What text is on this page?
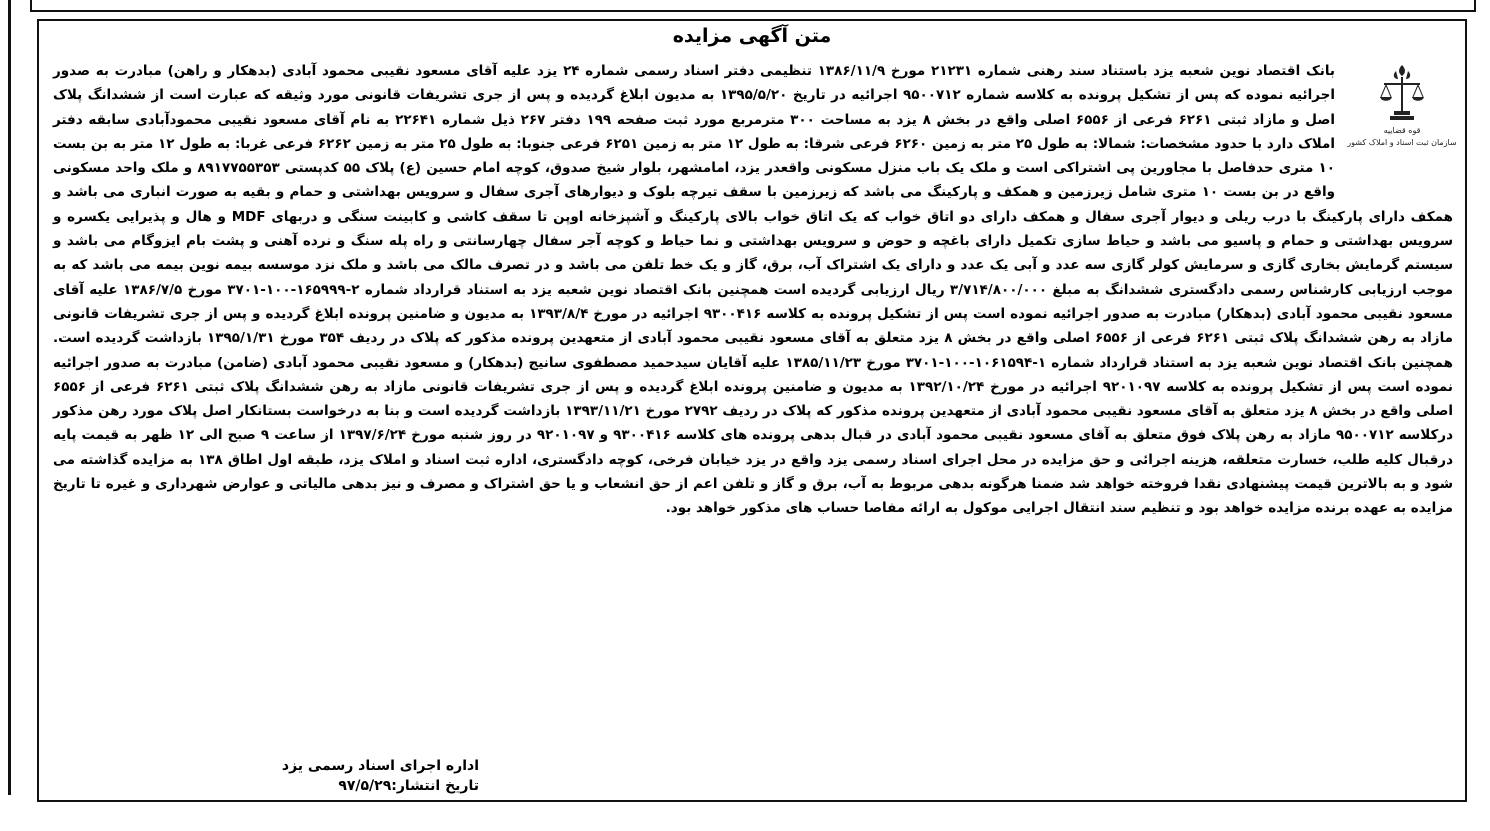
متن آگهی مزایده
قوه قضاییه
سازمان ثبت اسناد و املاک کشور
بانک اقتصاد نوین شعبه یزد باستناد سند رهنی شماره ۲۱۲۳۱ مورخ ۱۳۸۶/۱۱/۹ تنظیمی دفتر اسناد رسمی شماره ۲۴ یزد علیه آقای مسعود نقیبی محمود آبادی (بدهکار و راهن) مبادرت به صدور اجرائیه نموده که پس از تشکیل پرونده به کلاسه شماره ۹۵۰۰۷۱۲ اجرائیه در تاریخ ۱۳۹۵/۵/۲۰ به مدیون ابلاغ گردیده و پس از جری تشریفات قانونی مورد وثیقه که عبارت است از ششدانگ پلاک اصل و مازاد ثبتی ۶۲۶۱ فرعی از ۶۵۵۶ اصلی واقع در بخش ۸ یزد به مساحت ۳۰۰ مترمربع مورد ثبت صفحه ۱۹۹ دفتر ۲۶۷ ذیل شماره ۲۲۶۴۱ به نام آقای مسعود نقیبی محمودآبادی سابقه دفتر املاک دارد با حدود مشخصات: شمالا: به طول ۲۵ متر به زمین ۶۲۶۰ فرعی شرقا: به طول ۱۲ متر به زمین ۶۲۵۱ فرعی جنوبا: به طول ۲۵ متر به زمین ۶۲۶۲ فرعی غربا: به طول ۱۲ متر به بن بست ۱۰ متری حدفاصل با مجاورین پی اشتراکی است و ملک یک باب منزل مسکونی واقعدر یزد، امامشهر، بلوار شیخ صدوق، کوچه امام حسین (ع) پلاک ۵۵ کدپستی ۸۹۱۷۷۵۵۳۵۳ و ملک واحد مسکونی واقع در بن بست ۱۰ متری شامل زیرزمین و همکف و پارکینگ می باشد که زیرزمین با سقف تیرچه بلوک و دیوارهای آجری سفال و سرویس بهداشتی و حمام و بقیه به صورت انباری می باشد و همکف دارای پارکینگ با درب ریلی و دیوار آجری سفال و همکف دارای دو اتاق خواب که یک اتاق خواب بالای پارکینگ و آشپزخانه اوپن تا سقف کاشی و کابینت سنگی و دربهای MDF و هال و پذیرایی یکسره و سرویس بهداشتی و حمام و پاسیو می باشد و حیاط سازی تکمیل دارای باغچه و حوض و سرویس بهداشتی و نما حیاط و کوچه آجر سفال چهارسانتی و راه پله سنگ و نرده آهنی و پشت بام ایزوگام می باشد و سیستم گرمایش بخاری گازی و سرمایش کولر گازی سه عدد و آبی یک عدد و دارای یک اشتراک آب، برق، گاز و یک خط تلفن می باشد و در تصرف مالک می باشد و ملک نزد موسسه بیمه نوین بیمه می باشد که به موجب ارزیابی کارشناس رسمی دادگستری ششدانگ به مبلغ ۳/۷۱۴/۸۰۰/۰۰۰ ریال ارزیابی گردیده است همچنین بانک اقتصاد نوین شعبه یزد به استناد قرارداد شماره ۲-۱۶۵۹۹۹-۱۰۰-۳۷۰۱ مورخ ۱۳۸۶/۷/۵ علیه آقای مسعود نقیبی محمود آبادی (بدهکار) مبادرت به صدور اجرائیه نموده است پس از تشکیل پرونده به کلاسه ۹۳۰۰۴۱۶ اجرائیه در مورخ ۱۳۹۳/۸/۴ به مدیون و ضامنین پرونده ابلاغ گردیده و پس از جری تشریفات قانونی مازاد به رهن ششدانگ پلاک ثبتی ۶۲۶۱ فرعی از ۶۵۵۶ اصلی واقع در بخش ۸ یزد متعلق به آقای مسعود نقیبی محمود آبادی از متعهدین پرونده مذکور که پلاک در ردیف ۳۵۴ مورخ ۱۳۹۵/۱/۳۱ بازداشت گردیده است. همچنین بانک اقتصاد نوین شعبه یزد به استناد قرارداد شماره ۱-۱۰۶۱۵۹۴-۱۰۰-۳۷۰۱ مورخ ۱۳۸۵/۱۱/۲۳ علیه آقایان سیدحمید مصطفوی سانیج (بدهکار) و مسعود نقیبی محمود آبادی (ضامن) مبادرت به صدور اجرائیه نموده است پس از تشکیل پرونده به کلاسه ۹۲۰۱۰۹۷ اجرائیه در مورخ ۱۳۹۲/۱۰/۲۴ به مدیون و ضامنین پرونده ابلاغ گردیده و پس از جری تشریفات قانونی مازاد به رهن ششدانگ پلاک ثبتی ۶۲۶۱ فرعی از ۶۵۵۶ اصلی واقع در بخش ۸ یزد متعلق به آقای مسعود نقیبی محمود آبادی از متعهدین پرونده مذکور که پلاک در ردیف ۲۷۹۲ مورخ ۱۳۹۳/۱۱/۲۱ بازداشت گردیده است و بنا به درخواست بستانکار اصل پلاک مورد رهن مذکور درکلاسه ۹۵۰۰۷۱۲ مازاد به رهن پلاک فوق متعلق به آقای مسعود نقیبی محمود آبادی در قبال بدهی پرونده های کلاسه ۹۳۰۰۴۱۶ و ۹۲۰۱۰۹۷ در روز شنبه مورخ ۱۳۹۷/۶/۲۴ از ساعت ۹ صبح الی ۱۲ ظهر به قیمت پایه درقبال کلیه طلب، خسارت متعلقه، هزینه اجرائی و حق مزایده در محل اجرای اسناد رسمی یزد واقع در یزد خیابان فرخی، کوچه دادگستری، اداره ثبت اسناد و املاک یزد، طبقه اول اطاق ۱۳۸ به مزایده گذاشته می شود و به بالاترین قیمت پیشنهادی نقدا فروخته خواهد شد ضمنا هرگونه بدهی مربوط به آب، برق و گاز و تلفن اعم از حق انشعاب و یا حق اشتراک و مصرف و نیز بدهی مالیاتی و عوارض شهرداری و غیره تا تاریخ مزایده به عهده برنده مزایده خواهد بود و تنظیم سند انتقال اجرایی موکول به ارائه مفاصا حساب های مذکور خواهد بود.
اداره اجرای اسناد رسمی یزد
تاریخ انتشار:۹۷/۵/۲۹
